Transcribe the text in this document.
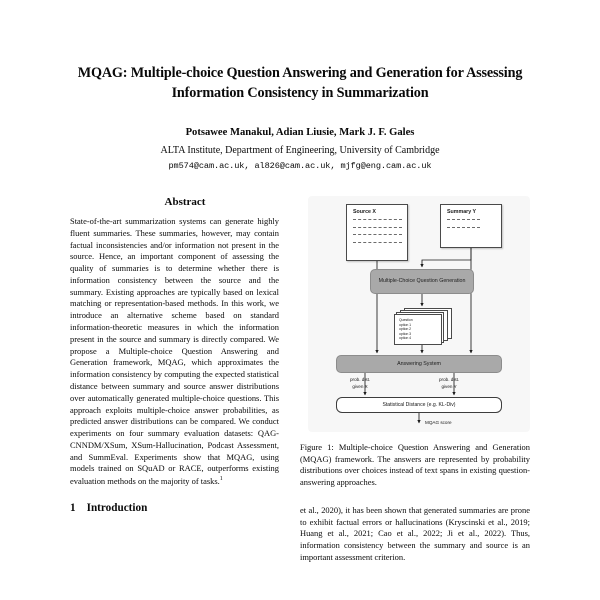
MQAG: Multiple-choice Question Answering and Generation for Assessing Information Consistency in Summarization
Potsawee Manakul, Adian Liusie, Mark J. F. Gales
ALTA Institute, Department of Engineering, University of Cambridge
pm574@cam.ac.uk, al826@cam.ac.uk, mjfg@eng.cam.ac.uk
Abstract

State-of-the-art summarization systems can generate highly fluent summaries. These summaries, however, may contain factual inconsistencies and/or information not present in the source. Hence, an important component of assessing the quality of summaries is to determine whether there is information consistency between the source and the summary. Existing approaches are typically based on lexical matching or representation-based methods. In this work, we introduce an alternative scheme based on standard information-theoretic measures in which the information present in the source and summary is directly compared. We propose a Multiple-choice Question Answering and Generation framework, MQAG, which approximates the information consistency by computing the expected statistical distance between summary and source answer distributions over automatically generated multiple-choice questions. This approach exploits multiple-choice answer probabilities, as predicted answer distributions can be compared. We conduct experiments on four summary evaluation datasets: QAG-CNNDM/XSum, XSum-Hallucination, Podcast Assessment, and SummEval. Experiments show that MQAG, using models trained on SQuAD or RACE, outperforms existing evaluation methods on the majority of tasks.$^1$

1 Introduction
Source X	Summary Y
Multiple-Choice Question Generation
Question
option 1
option 2
option 3
option 4
Answering System
prob. dist.
given X
prob. dist.
given Y
Statistical Distance (e.g. KL-Div)
MQAG score
Figure 1: Multiple-choice Question Answering and Generation (MQAG) framework. The answers are represented by probability distributions over choices instead of text spans in existing question-answering approaches.

et al., 2020), it has been shown that generated summaries are prone to exhibit factual errors or hallucinations (Kryscinski et al., 2019; Huang et al., 2021; Cao et al., 2022; Ji et al., 2022). Thus, information consistency between the summary and source is an important assessment criterion.
